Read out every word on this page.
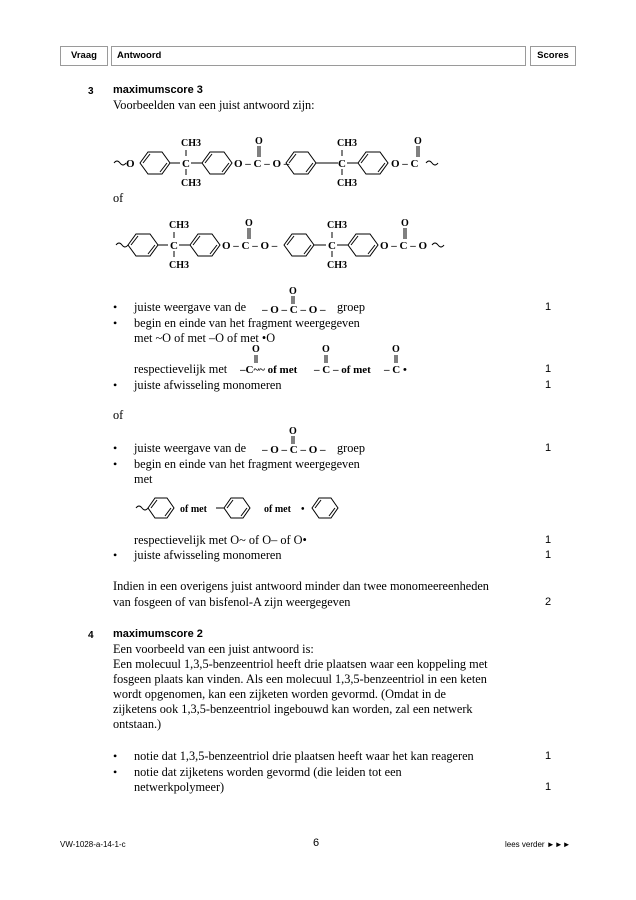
Vraag	Antwoord	Scores
3 maximumscore 3
Voorbeelden van een juist antwoord zijn:
O
CH3
C
CH3
O – C – O –
O	CH3
C
CH3
O – C
O
of
CH3
C
CH3
O – C – O –
O	CH3
C
CH3
O – C – O
O
O
– O – C – O –
• juiste weergave van de	groep	1
• begin en einde van het fragment weergegeven
met ~O of met –O of met •O
O	O	O
–C~~ of met – C – of met – C •
respectievelijk met	1
• juiste afwisseling monomeren	1
of
O
– O – C – O –
• juiste weergave van de	groep	1
• begin en einde van het fragment weergegeven
met
of met	of met •
respectievelijk met O~ of O– of O•	1
• juiste afwisseling monomeren	1
Indien in een overigens juist antwoord minder dan twee monomeereenheden
van fosgeen of van bisfenol-A zijn weergegeven	2
4 maximumscore 2
Een voorbeeld van een juist antwoord is:
Een molecuul 1,3,5-benzeentriol heeft drie plaatsen waar een koppeling met
fosgeen plaats kan vinden. Als een molecuul 1,3,5-benzeentriol in een keten
wordt opgenomen, kan een zijketen worden gevormd. (Omdat in de
zijketens ook 1,3,5-benzeentriol ingebouwd kan worden, zal een netwerk
ontstaan.)
• notie dat 1,3,5-benzeentriol drie plaatsen heeft waar het kan reageren	1
• notie dat zijketens worden gevormd (die leiden tot een
netwerkpolymeer)	1
VW-1028-a-14-1-c	6	lees verder ►►►
